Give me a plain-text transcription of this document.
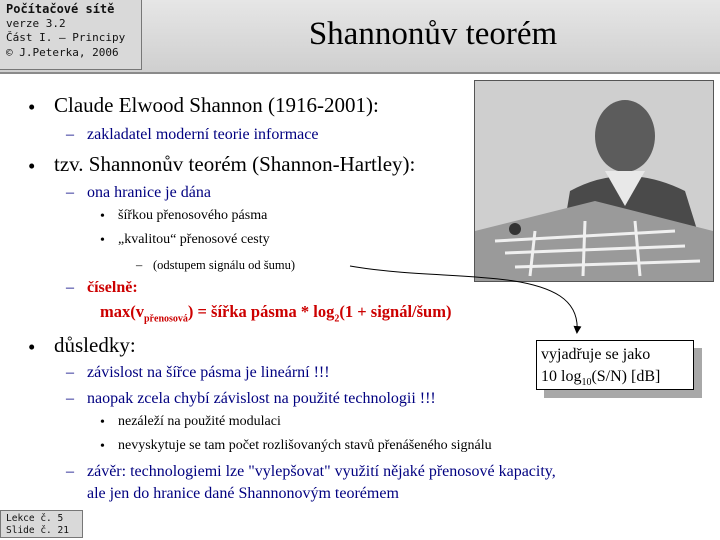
Počítačové sítě
verze 3.2
Část I. – Principy
© J.Peterka, 2006	Shannonův teorém
• Claude Elwood Shannon (1916-2001):
– zakladatel moderní teorie informace
• tzv. Shannonův teorém (Shannon-Hartley):
– ona hranice je dána
• šířkou přenosového pásma
• „kvalitou“ přenosové cesty
– (odstupem signálu od šumu)
– číselně:
$\max(v_{přenosová})$ = šířka pásma * $\log_2(1$ + signál/šum)
• důsledky:
– závislost na šířce pásma je lineární !!!
– naopak zcela chybí závislost na použité technologii !!!
• nezáleží na použité modulaci
• nevyskytuje se tam počet rozlišovaných stavů přenášeného signálu
– závěr: technologiemi lze "vylepšovat" využití nějaké přenosové kapacity,
ale jen do hranice dané Shannonovým teorémem
vyjadřuje se jako
10 $\log_{10}(S/N)$ [dB]
Lekce č. 5
Slide č. 21
